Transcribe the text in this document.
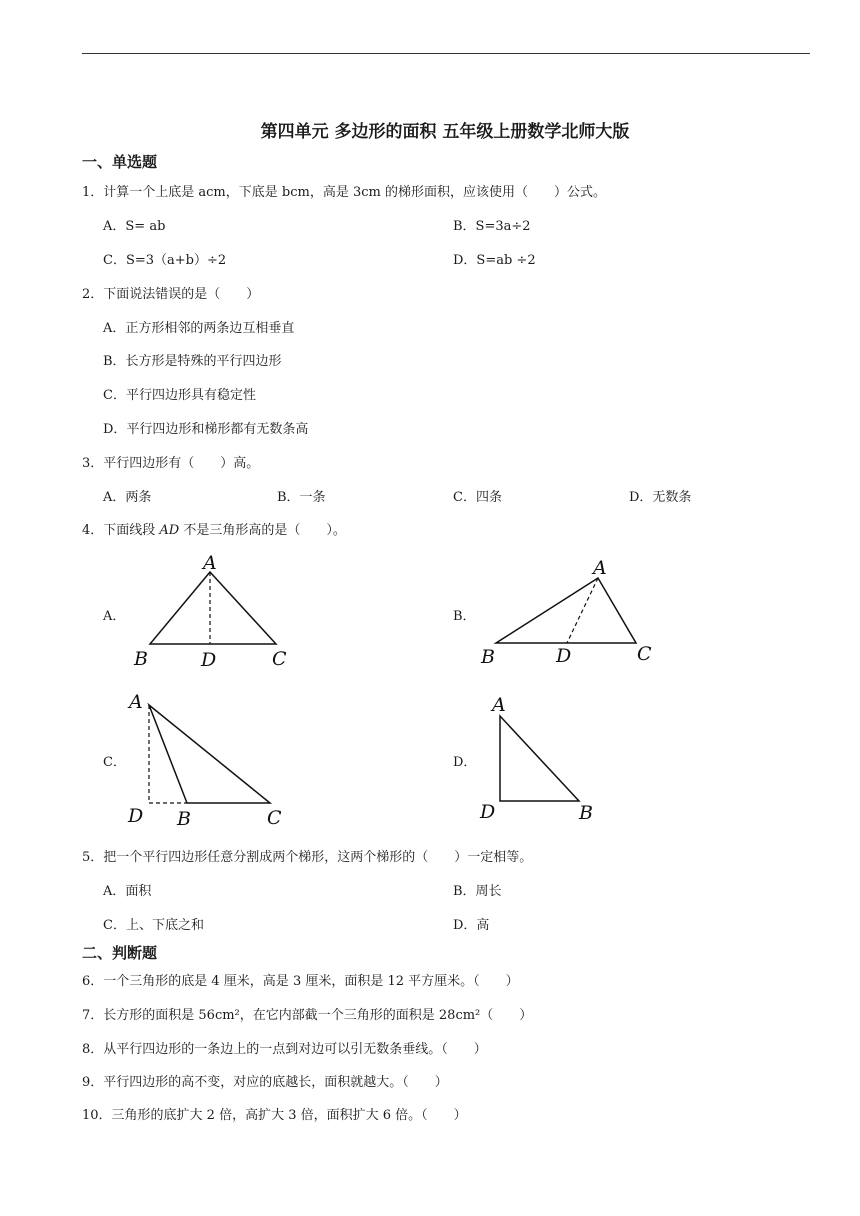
第四单元 多边形的面积 五年级上册数学北师大版
一、单选题
1．计算一个上底是 acm，下底是 bcm，高是 3cm 的梯形面积，应该使用（　　）公式。
A．S= ab	B．S=3a÷2
C．S=3（a+b）÷2	D．S=ab ÷2
2．下面说法错误的是（　　）
A．正方形相邻的两条边互相垂直
B．长方形是特殊的平行四边形
C．平行四边形具有稳定性
D．平行四边形和梯形都有无数条高
3．平行四边形有（　　）高。
A．两条	B．一条	C．四条	D．无数条
4．下面线段 AD 不是三角形高的是（　　）。
A．
A
B	D	C
B．
A
B	D	C
C．
A
D B	C
D．
A
D	B
5．把一个平行四边形任意分割成两个梯形，这两个梯形的（　　）一定相等。
A．面积	B．周长
C．上、下底之和	D．高
二、判断题
6．一个三角形的底是 4 厘米，高是 3 厘米，面积是 12 平方厘米。（　　）
7．长方形的面积是 56cm²，在它内部截一个三角形的面积是 28cm²（　　）
8．从平行四边形的一条边上的一点到对边可以引无数条垂线。（　　）
9．平行四边形的高不变，对应的底越长，面积就越大。（　　）
10．三角形的底扩大 2 倍，高扩大 3 倍，面积扩大 6 倍。（　　）
